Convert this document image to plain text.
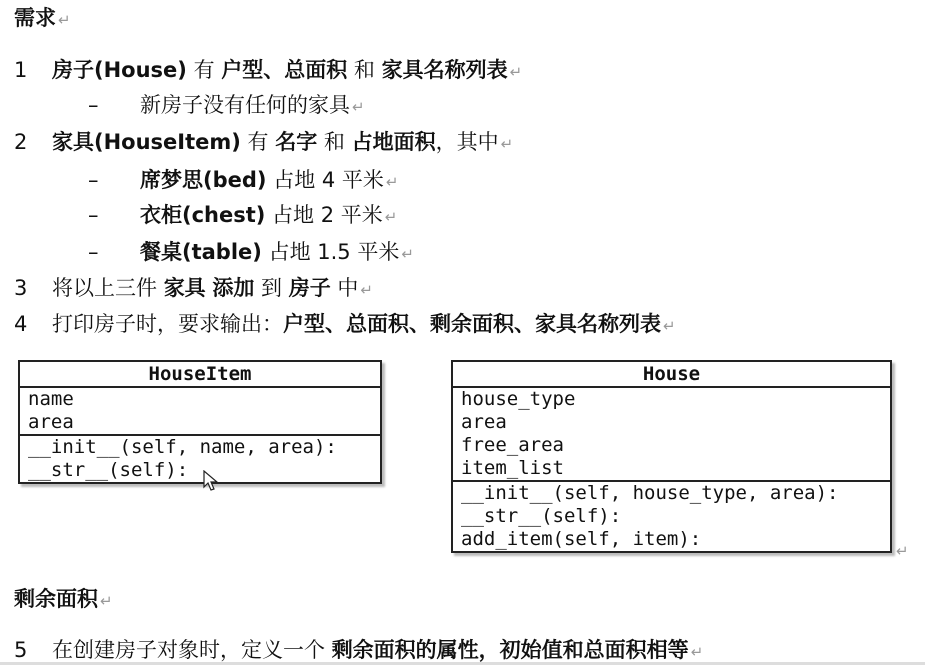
需求 ↵
1 房子(House) 有 户型、总面积 和 家具名称列表 ↵
– 新房子没有任何的家具 ↵
2 家具(HouseItem) 有 名字 和 占地面积，其中 ↵
– 席梦思(bed) 占地 4 平米 ↵
– 衣柜(chest) 占地 2 平米 ↵
– 餐桌(table) 占地 1.5 平米 ↵
3 将以上三件 家具 添加 到 房子 中 ↵
4 打印房子时，要求输出：户型、总面积、剩余面积、家具名称列表 ↵
HouseItem
name
area
__init__(self, name, area):
__str__(self):
House
house_type
area
free_area
item_list
__init__(self, house_type, area):
__str__(self):
add_item(self, item):
↵
剩余面积 ↵
5 在创建房子对象时，定义一个 剩余面积的属性，初始值和总面积相等 ↵
